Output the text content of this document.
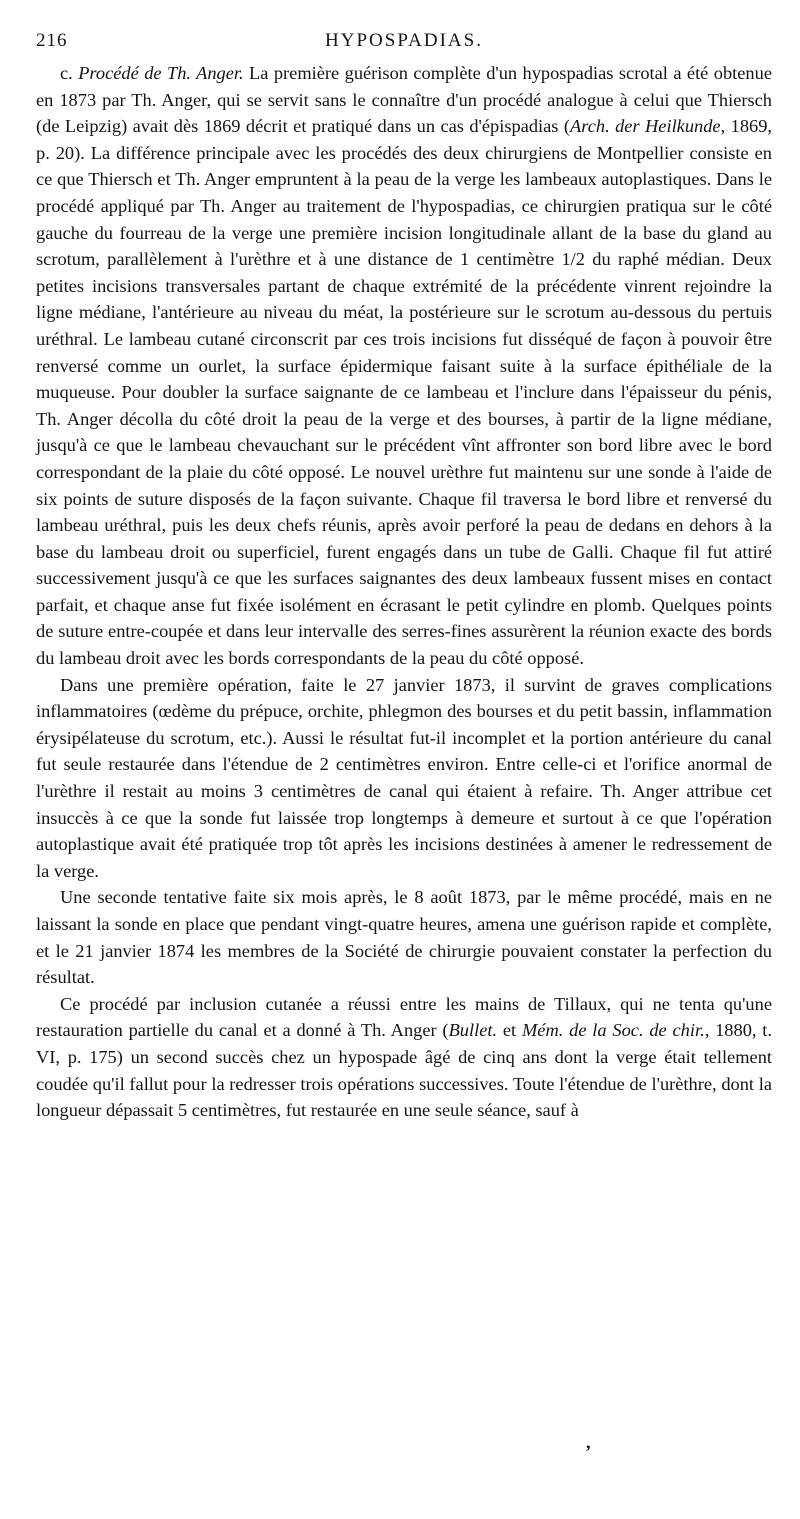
216	HYPOSPADIAS.

c. Procédé de Th. Anger. La première guérison complète d'un hypospadias scrotal a été obtenue en 1873 par Th. Anger, qui se servit sans le connaître d'un procédé analogue à celui que Thiersch (de Leipzig) avait dès 1869 décrit et pratiqué dans un cas d'épispadias (Arch. der Heilkunde, 1869, p. 20). La différence principale avec les procédés des deux chirurgiens de Montpellier consiste en ce que Thiersch et Th. Anger empruntent à la peau de la verge les lambeaux autoplastiques. Dans le procédé appliqué par Th. Anger au traitement de l'hypospadias, ce chirurgien pratiqua sur le côté gauche du fourreau de la verge une première incision longitudinale allant de la base du gland au scrotum, parallèlement à l'urèthre et à une distance de 1 centimètre 1/2 du raphé médian. Deux petites incisions transversales partant de chaque extrémité de la précédente vinrent rejoindre la ligne médiane, l'antérieure au niveau du méat, la postérieure sur le scrotum au-dessous du pertuis uréthral. Le lambeau cutané circonscrit par ces trois incisions fut disséqué de façon à pouvoir être renversé comme un ourlet, la surface épidermique faisant suite à la surface épithéliale de la muqueuse. Pour doubler la surface saignante de ce lambeau et l'inclure dans l'épaisseur du pénis, Th. Anger décolla du côté droit la peau de la verge et des bourses, à partir de la ligne médiane, jusqu'à ce que le lambeau chevauchant sur le précédent vînt affronter son bord libre avec le bord correspondant de la plaie du côté opposé. Le nouvel urèthre fut maintenu sur une sonde à l'aide de six points de suture disposés de la façon suivante. Chaque fil traversa le bord libre et renversé du lambeau uréthral, puis les deux chefs réunis, après avoir perforé la peau de dedans en dehors à la base du lambeau droit ou superficiel, furent engagés dans un tube de Galli. Chaque fil fut attiré successivement jusqu'à ce que les surfaces saignantes des deux lambeaux fussent mises en contact parfait, et chaque anse fut fixée isolément en écrasant le petit cylindre en plomb. Quelques points de suture entre-coupée et dans leur intervalle des serres-fines assurèrent la réunion exacte des bords du lambeau droit avec les bords correspondants de la peau du côté opposé.

Dans une première opération, faite le 27 janvier 1873, il survint de graves complications inflammatoires (œdème du prépuce, orchite, phlegmon des bourses et du petit bassin, inflammation érysipélateuse du scrotum, etc.). Aussi le résultat fut-il incomplet et la portion antérieure du canal fut seule restaurée dans l'étendue de 2 centimètres environ. Entre celle-ci et l'orifice anormal de l'urèthre il restait au moins 3 centimètres de canal qui étaient à refaire. Th. Anger attribue cet insuccès à ce que la sonde fut laissée trop longtemps à demeure et surtout à ce que l'opération autoplastique avait été pratiquée trop tôt après les incisions destinées à amener le redressement de la verge.

Une seconde tentative faite six mois après, le 8 août 1873, par le même procédé, mais en ne laissant la sonde en place que pendant vingt-quatre heures, amena une guérison rapide et complète, et le 21 janvier 1874 les membres de la Société de chirurgie pouvaient constater la perfection du résultat.

Ce procédé par inclusion cutanée a réussi entre les mains de Tillaux, qui ne tenta qu'une restauration partielle du canal et a donné à Th. Anger (Bullet. et Mém. de la Soc. de chir., 1880, t. VI, p. 175) un second succès chez un hypospade âgé de cinq ans dont la verge était tellement coudée qu'il fallut pour la redresser trois opérations successives. Toute l'étendue de l'urèthre, dont la longueur dépassait 5 centimètres, fut restaurée en une seule séance, sauf à

,
